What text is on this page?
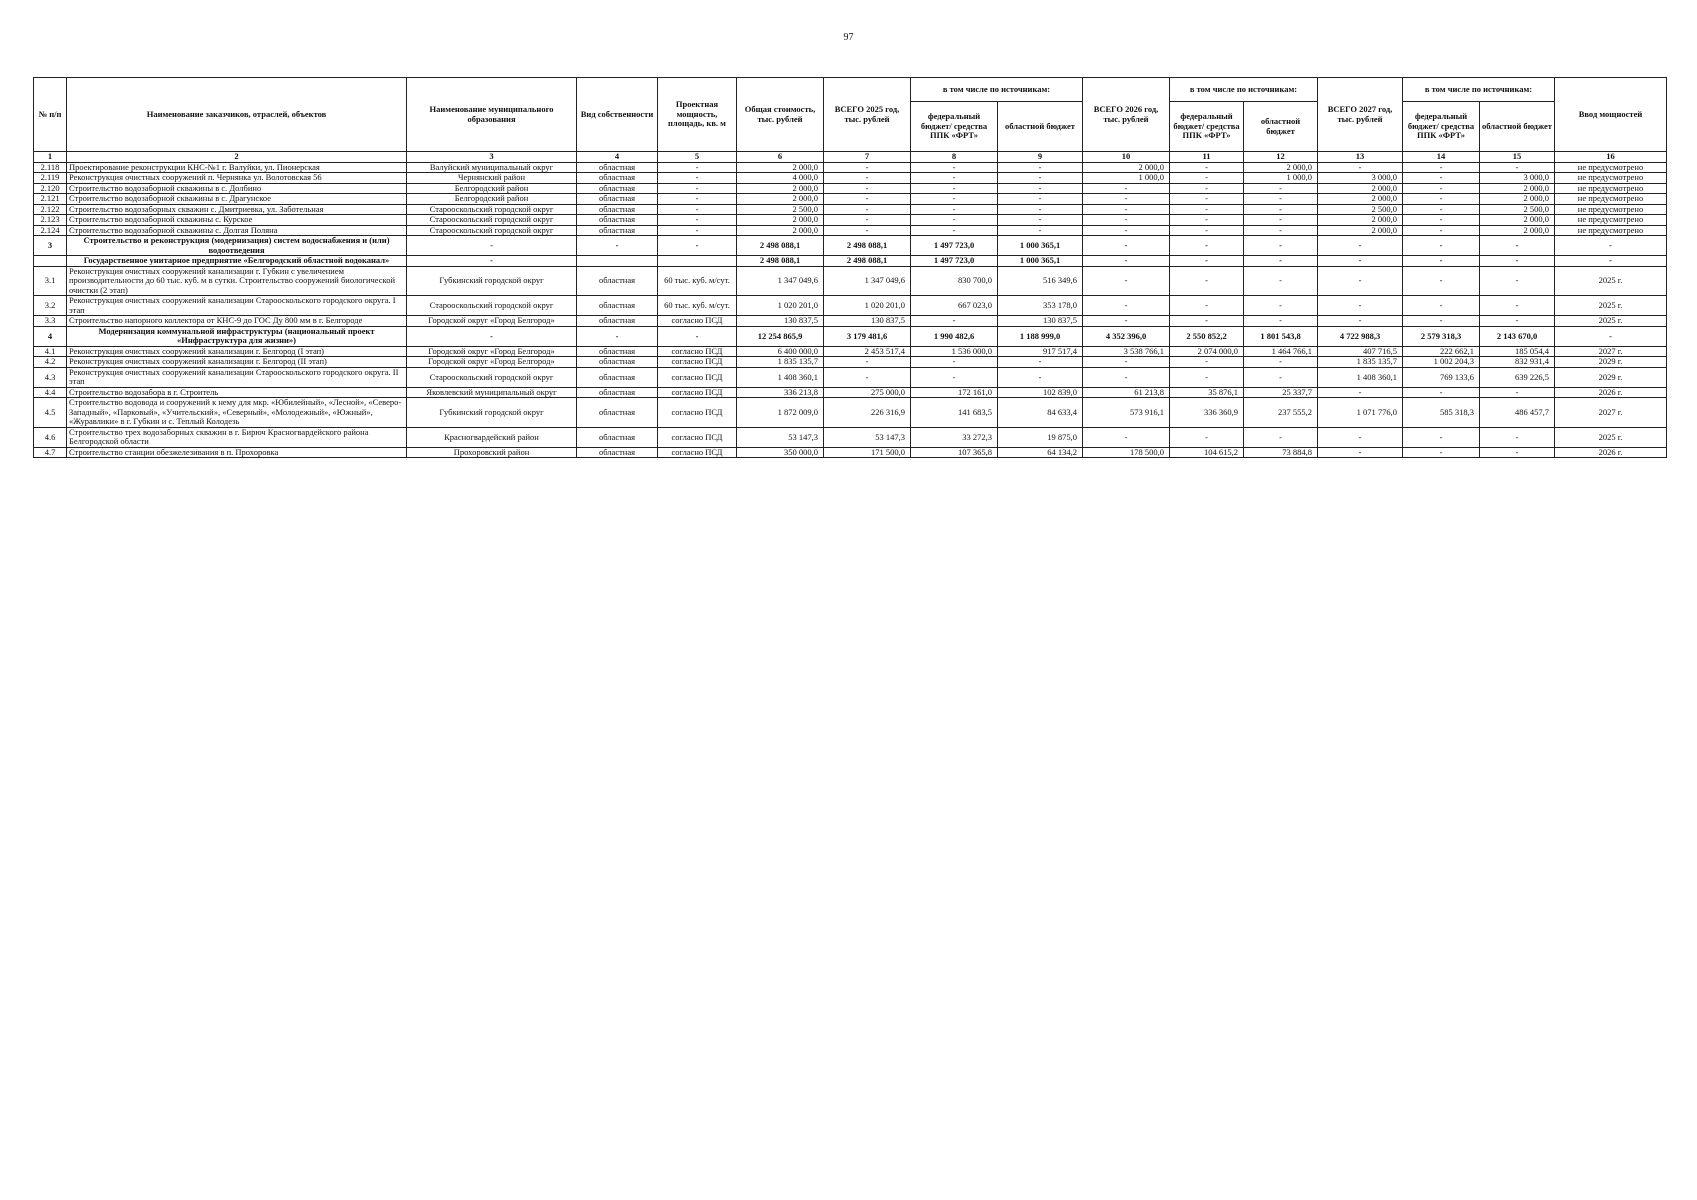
97
№ п/п	Наименование заказчиков, отраслей, объектов	Наименование муниципального образования	Вид собственности	Проектная мощность, площадь, кв. м	Общая стоимость, тыс. рублей	ВСЕГО 2025 год, тыс. рублей	в том числе по источникам:		ВСЕГО 2026 год, тыс. рублей	в том числе по источникам:		ВСЕГО 2027 год, тыс. рублей	в том числе по источникам:		Ввод мощностей
							федеральный бюджет/ средства ППК «ФРТ»	областной бюджет		федеральный бюджет/ средства ППК «ФРТ»	областной бюджет		федеральный бюджет/ средства ППК «ФРТ»	областной бюджет	
1	2	3	4	5	6	7	8	9	10	11	12	13	14	15	16
2.118	Проектирование реконструкции КНС-№1 г. Валуйки, ул. Пионерская	Валуйский муниципальный округ	областная	-	2 000,0	-	-	-	2 000,0	-	2 000,0	-	-	-	не предусмотрено
2.119	Реконструкция очистных сооружений п. Чернянка ул. Волотовская 56	Чернянский район	областная	-	4 000,0	-	-	-	1 000,0	-	1 000,0	3 000,0	-	3 000,0	не предусмотрено
2.120	Строительство водозаборной скважины в с. Долбино	Белгородский район	областная	-	2 000,0	-	-	-	-	-	-	2 000,0	-	2 000,0	не предусмотрено
2.121	Строительство водозаборной скважины в с. Драгунское	Белгородский район	областная	-	2 000,0	-	-	-	-	-	-	2 000,0	-	2 000,0	не предусмотрено
2.122	Строительство водозаборных скважин с. Дмитриевка, ул. Заботельная	Старооскольский городской округ	областная	-	2 500,0	-	-	-	-	-	-	2 500,0	-	2 500,0	не предусмотрено
2.123	Строительство водозаборной скважины с. Курское	Старооскольский городской округ	областная	-	2 000,0	-	-	-	-	-	-	2 000,0	-	2 000,0	не предусмотрено
2.124	Строительство водозаборной скважины с. Долгая Поляна	Старооскольский городской округ	областная	-	2 000,0	-	-	-	-	-	-	2 000,0	-	2 000,0	не предусмотрено
3	Строительство и реконструкция (модернизация) систем водоснабжения и (или) водоотведения	-	-	-	2 498 088,1	2 498 088,1	1 497 723,0	1 000 365,1	-	-	-	-	-	-	-
	Государственное унитарное предприятие «Белгородский областной водоканал»	-			2 498 088,1	2 498 088,1	1 497 723,0	1 000 365,1	-	-	-	-	-	-	-
3.1	Реконструкция очистных сооружений канализации г. Губкин с увеличением производительности до 60 тыс. куб. м в сутки. Строительство сооружений биологической очистки (2 этап)	Губкинский городской округ	областная	60 тыс. куб. м/сут.	1 347 049,6	1 347 049,6	830 700,0	516 349,6	-	-	-	-	-	-	2025 г.
3.2	Реконструкция очистных сооружений канализации Старооскольского городского округа. I этап	Старооскольский городской округ	областная	60 тыс. куб. м/сут.	1 020 201,0	1 020 201,0	667 023,0	353 178,0	-	-	-	-	-	-	2025 г.
3.3	Строительство напорного коллектора от КНС-9 до ГОС Ду 800 мм в г. Белгороде	Городской округ «Город Белгород»	областная	согласно ПСД	130 837,5	130 837,5	-	130 837,5	-	-	-	-	-	-	2025 г.
4	Модернизация коммунальной инфраструктуры (национальный проект «Инфраструктура для жизни»)	-	-	-	12 254 865,9	3 179 481,6	1 990 482,6	1 188 999,0	4 352 396,0	2 550 852,2	1 801 543,8	4 722 988,3	2 579 318,3	2 143 670,0	-
4.1	Реконструкция очистных сооружений канализации г. Белгород (I этап)	Городской округ «Город Белгород»	областная	согласно ПСД	6 400 000,0	2 453 517,4	1 536 000,0	917 517,4	3 538 766,1	2 074 000,0	1 464 766,1	407 716,5	222 662,1	185 054,4	2027 г.
4.2	Реконструкция очистных сооружений канализации г. Белгород (II этап)	Городской округ «Город Белгород»	областная	согласно ПСД	1 835 135,7	-	-	-	-	-	-	1 835 135,7	1 002 204,3	832 931,4	2029 г.
4.3	Реконструкция очистных сооружений канализации Старооскольского городского округа. II этап	Старооскольский городской округ	областная	согласно ПСД	1 408 360,1	-	-	-	-	-	-	1 408 360,1	769 133,6	639 226,5	2029 г.
4.4	Строительство водозабора в г. Строитель	Яковлевский муниципальный округ	областная	согласно ПСД	336 213,8	275 000,0	172 161,0	102 839,0	61 213,8	35 876,1	25 337,7	-	-	-	2026 г.
4.5	Строительство водовода и сооружений к нему для мкр. «Юбилейный», «Лесной», «Северо-Западный», «Парковый», «Учительский», «Северный», «Молодежный», «Южный», «Журавлики» в г. Губкин и с. Теплый Колодезь	Губкинский городской округ	областная	согласно ПСД	1 872 009,0	226 316,9	141 683,5	84 633,4	573 916,1	336 360,9	237 555,2	1 071 776,0	585 318,3	486 457,7	2027 г.
4.6	Строительство трех водозаборных скважин в г. Бирюч Красногвардейского района Белгородской области	Красногвардейский район	областная	согласно ПСД	53 147,3	53 147,3	33 272,3	19 875,0	-	-	-	-	-	-	2025 г.
4.7	Строительство станции обезжелезивания в п. Прохоровка	Прохоровский район	областная	согласно ПСД	350 000,0	171 500,0	107 365,8	64 134,2	178 500,0	104 615,2	73 884,8	-	-	-	2026 г.
